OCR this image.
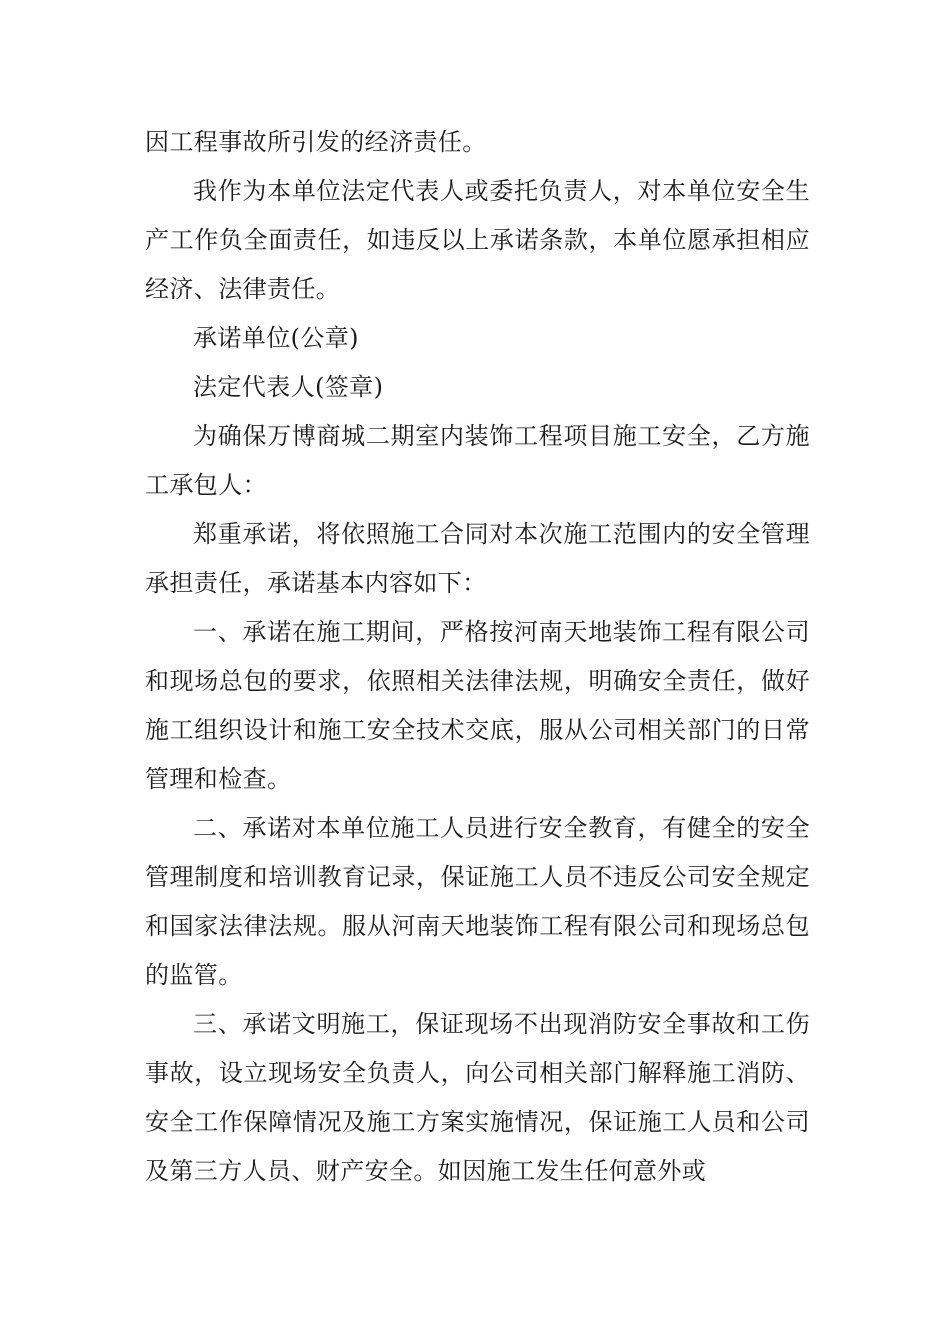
因工程事故所引发的经济责任。

我作为本单位法定代表人或委托负责人，对本单位安全生产工作负全面责任，如违反以上承诺条款，本单位愿承担相应经济、法律责任。

承诺单位(公章)

法定代表人(签章)

为确保万博商城二期室内装饰工程项目施工安全，乙方施工承包人：

郑重承诺，将依照施工合同对本次施工范围内的安全管理承担责任，承诺基本内容如下：

一、承诺在施工期间，严格按河南天地装饰工程有限公司和现场总包的要求，依照相关法律法规，明确安全责任，做好施工组织设计和施工安全技术交底，服从公司相关部门的日常管理和检查。

二、承诺对本单位施工人员进行安全教育，有健全的安全管理制度和培训教育记录，保证施工人员不违反公司安全规定和国家法律法规。服从河南天地装饰工程有限公司和现场总包的监管。

三、承诺文明施工，保证现场不出现消防安全事故和工伤事故，设立现场安全负责人，向公司相关部门解释施工消防、安全工作保障情况及施工方案实施情况，保证施工人员和公司及第三方人员、财产安全。如因施工发生任何意外或
